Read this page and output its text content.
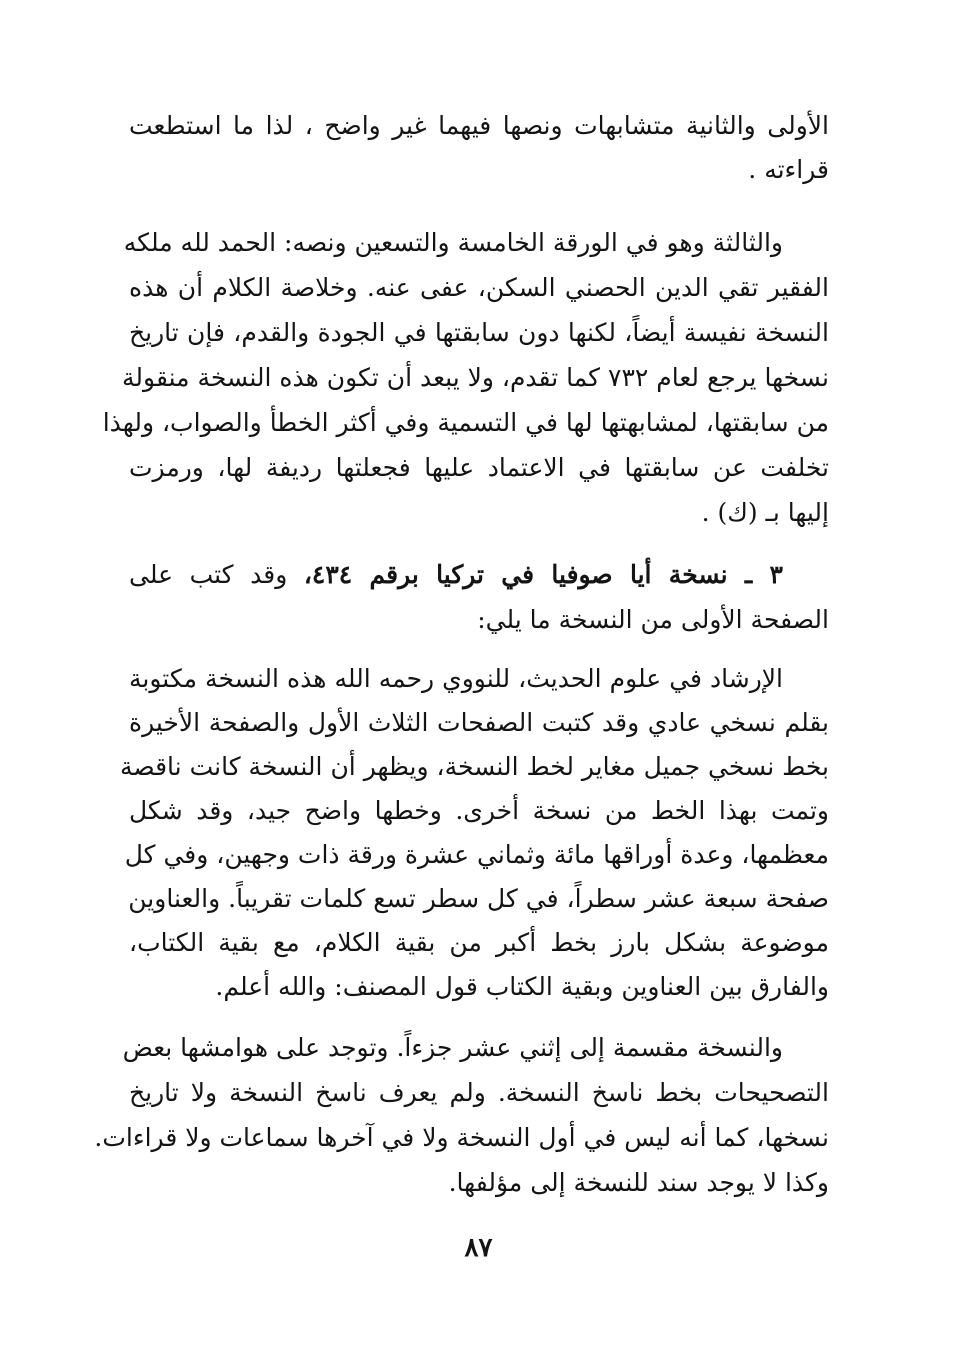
الأولى والثانية متشابهات ونصها فيهما غير واضح ، لذا ما استطعت
قراءته .
والثالثة وهو في الورقة الخامسة والتسعين ونصه: الحمد لله ملكه
الفقير تقي الدين الحصني السكن، عفى عنه. وخلاصة الكلام أن هذه
النسخة نفيسة أيضاً، لكنها دون سابقتها في الجودة والقدم، فإن تاريخ
نسخها يرجع لعام ٧٣٢ كما تقدم، ولا يبعد أن تكون هذه النسخة منقولة
من سابقتها، لمشابهتها لها في التسمية وفي أكثر الخطأ والصواب، ولهذا
تخلفت عن سابقتها في الاعتماد عليها فجعلتها رديفة لها، ورمزت
إليها بـ (ك) .
٣ ـ نسخة أيا صوفيا في تركيا برقم ٤٣٤، وقد كتب على
الصفحة الأولى من النسخة ما يلي:
الإرشاد في علوم الحديث، للنووي رحمه الله هذه النسخة مكتوبة
بقلم نسخي عادي وقد كتبت الصفحات الثلاث الأول والصفحة الأخيرة
بخط نسخي جميل مغاير لخط النسخة، ويظهر أن النسخة كانت ناقصة
وتمت بهذا الخط من نسخة أخرى. وخطها واضح جيد، وقد شكل
معظمها، وعدة أوراقها مائة وثماني عشرة ورقة ذات وجهين، وفي كل
صفحة سبعة عشر سطراً، في كل سطر تسع كلمات تقريباً. والعناوين
موضوعة بشكل بارز بخط أكبر من بقية الكلام، مع بقية الكتاب،
والفارق بين العناوين وبقية الكتاب قول المصنف: والله أعلم.
والنسخة مقسمة إلى إثني عشر جزءاً. وتوجد على هوامشها بعض
التصحيحات بخط ناسخ النسخة. ولم يعرف ناسخ النسخة ولا تاريخ
نسخها، كما أنه ليس في أول النسخة ولا في آخرها سماعات ولا قراءات.
وكذا لا يوجد سند للنسخة إلى مؤلفها.
٨٧
